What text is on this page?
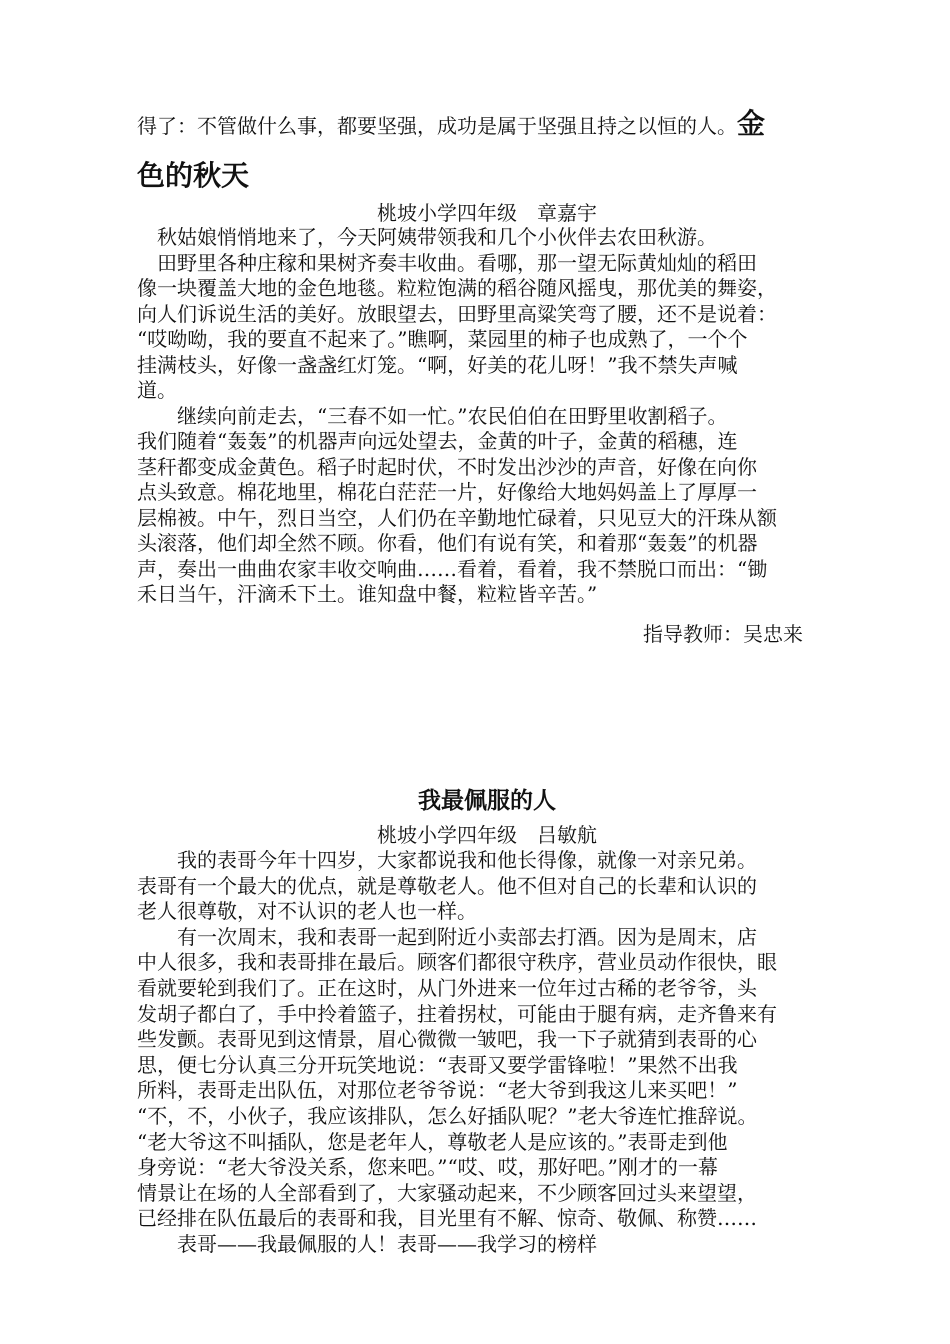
得了：不管做什么事，都要坚强，成功是属于坚强且持之以恒的人。金
色的秋天
桃坡小学四年级　章嘉宇
　秋姑娘悄悄地来了，今天阿姨带领我和几个小伙伴去农田秋游。
　田野里各种庄稼和果树齐奏丰收曲。看哪，那一望无际黄灿灿的稻田
像一块覆盖大地的金色地毯。粒粒饱满的稻谷随风摇曳，那优美的舞姿，
向人们诉说生活的美好。放眼望去，田野里高粱笑弯了腰，还不是说着：
“哎呦呦，我的要直不起来了。”瞧啊，菜园里的柿子也成熟了，一个个
挂满枝头，好像一盏盏红灯笼。“啊，好美的花儿呀！”我不禁失声喊
道。
　　继续向前走去，“三春不如一忙。”农民伯伯在田野里收割稻子。
我们随着“轰轰”的机器声向远处望去，金黄的叶子，金黄的稻穗，连
茎秆都变成金黄色。稻子时起时伏，不时发出沙沙的声音，好像在向你
点头致意。棉花地里，棉花白茫茫一片，好像给大地妈妈盖上了厚厚一
层棉被。中午，烈日当空，人们仍在辛勤地忙碌着，只见豆大的汗珠从额
头滚落，他们却全然不顾。你看，他们有说有笑，和着那“轰轰”的机器
声，奏出一曲曲农家丰收交响曲……看着，看着，我不禁脱口而出：“锄
禾日当午，汗滴禾下土。谁知盘中餐，粒粒皆辛苦。”
指导教师：吴忠来
我最佩服的人
桃坡小学四年级　吕敏航
　　我的表哥今年十四岁，大家都说我和他长得像，就像一对亲兄弟。
表哥有一个最大的优点，就是尊敬老人。他不但对自己的长辈和认识的
老人很尊敬，对不认识的老人也一样。
　　有一次周末，我和表哥一起到附近小卖部去打酒。因为是周末，店
中人很多，我和表哥排在最后。顾客们都很守秩序，营业员动作很快，眼
看就要轮到我们了。正在这时，从门外进来一位年过古稀的老爷爷，头
发胡子都白了，手中拎着篮子，拄着拐杖，可能由于腿有病，走齐鲁来有
些发颤。表哥见到这情景，眉心微微一皱吧，我一下子就猜到表哥的心
思，便七分认真三分开玩笑地说：“表哥又要学雷锋啦！”果然不出我
所料，表哥走出队伍，对那位老爷爷说：“老大爷到我这儿来买吧！”
“不，不，小伙子，我应该排队，怎么好插队呢？”老大爷连忙推辞说。
“老大爷这不叫插队，您是老年人，尊敬老人是应该的。”表哥走到他
身旁说：“老大爷没关系，您来吧。”“哎、哎，那好吧。”刚才的一幕
情景让在场的人全部看到了，大家骚动起来，不少顾客回过头来望望，
已经排在队伍最后的表哥和我，目光里有不解、惊奇、敬佩、称赞……
　　表哥——我最佩服的人！表哥——我学习的榜样
